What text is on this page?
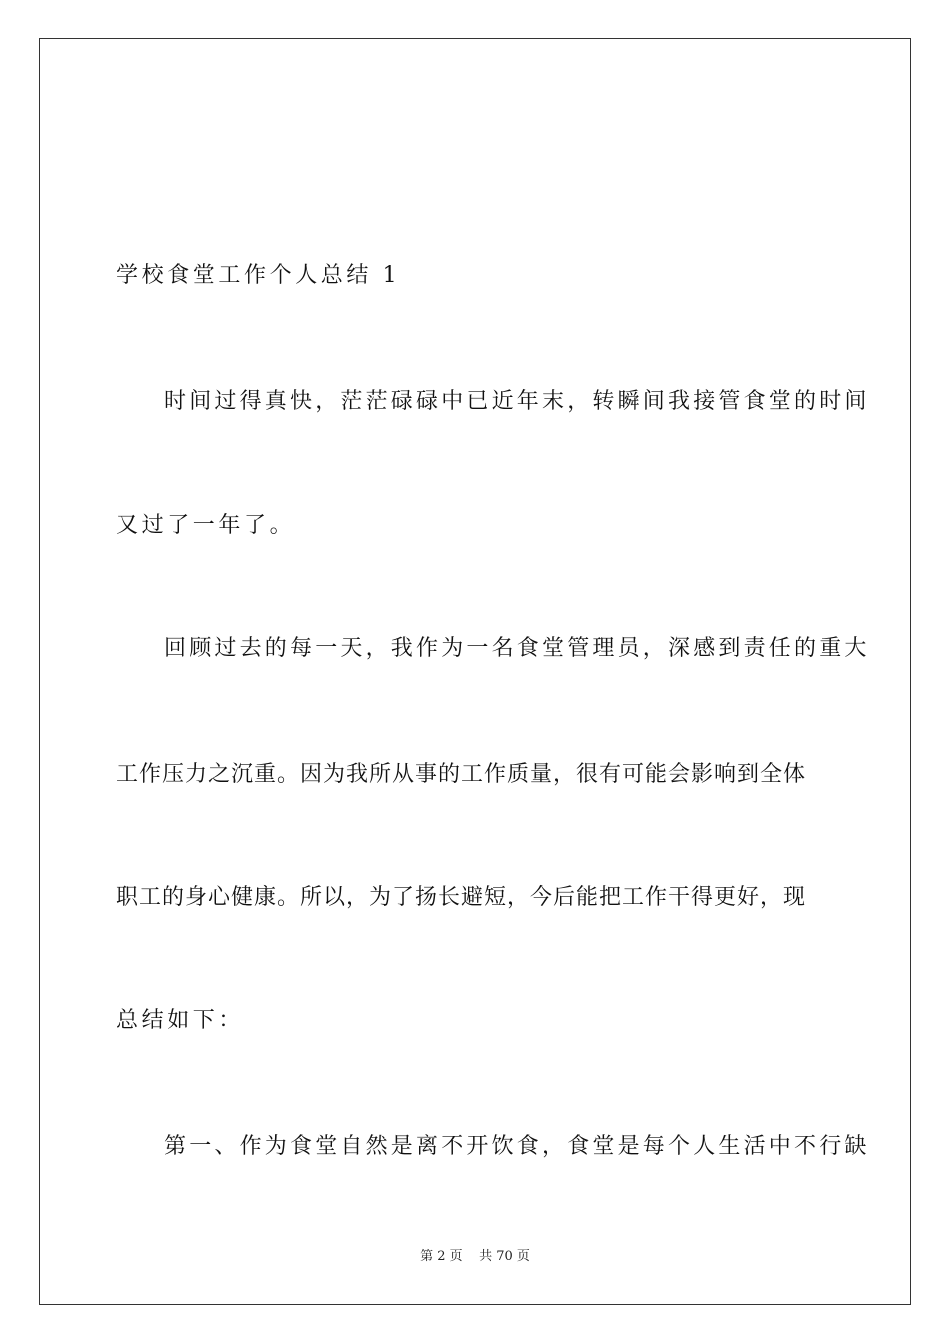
学校食堂工作个人总结 1
时间过得真快，茫茫碌碌中已近年末，转瞬间我接管食堂的时间
又过了一年了。
回顾过去的每一天，我作为一名食堂管理员，深感到责任的重大
工作压力之沉重。因为我所从事的工作质量，很有可能会影响到全体
职工的身心健康。所以，为了扬长避短，今后能把工作干得更好，现
总结如下：
第一、作为食堂自然是离不开饮食，食堂是每个人生活中不行缺
第 2 页    共 70 页
